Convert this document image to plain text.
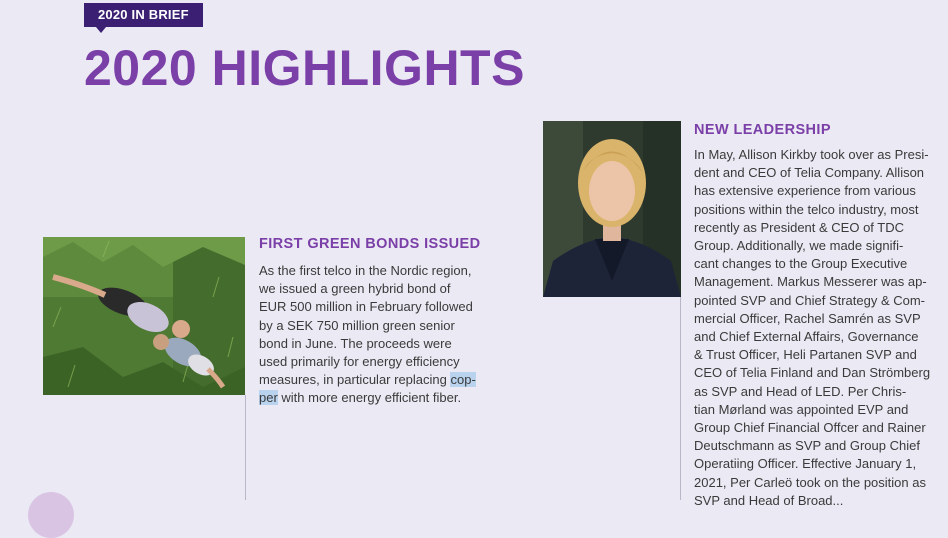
2020 IN BRIEF
2020 HIGHLIGHTS
FIRST GREEN BONDS ISSUED
As the first telco in the Nordic region,
we issued a green hybrid bond of
EUR 500 million in February followed
by a SEK 750 million green senior
bond in June. The proceeds were
used primarily for energy efficiency
measures, in particular replacing cop-
per with more energy efficient fiber.
NEW LEADERSHIP
In May, Allison Kirkby took over as Presi-
dent and CEO of Telia Company. Allison
has extensive experience from various
positions within the telco industry, most
recently as President & CEO of TDC
Group. Additionally, we made signifi-
cant changes to the Group Executive
Management. Markus Messerer was ap-
pointed SVP and Chief Strategy & Com-
mercial Officer, Rachel Samrén as SVP
and Chief External Affairs, Governance
& Trust Officer, Heli Partanen SVP and
CEO of Telia Finland and Dan Strömberg
as SVP and Head of LED. Per Chris-
tian Mørland was appointed EVP and
Group Chief Financial Offcer and Rainer
Deutschmann as SVP and Group Chief
Operatiing Officer. Effective January 1,
2021, Per Carleö took on the position as
SVP and Head of Broad...
